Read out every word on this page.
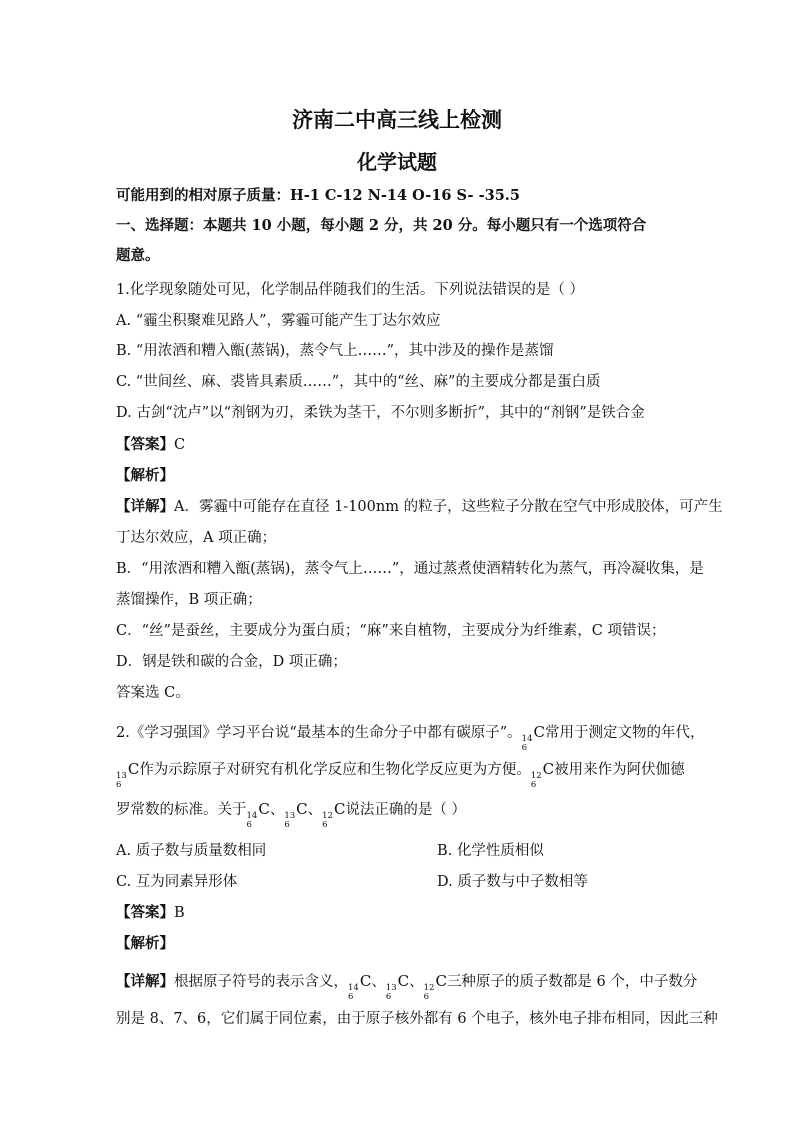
济南二中高三线上检测
化学试题
可能用到的相对原子质量：H-1 C-12 N-14 O-16 S- -35.5
一、选择题：本题共 10 小题，每小题 2 分，共 20 分。每小题只有一个选项符合
题意。
1.化学现象随处可见，化学制品伴随我们的生活。下列说法错误的是（ ）
A. “霾尘积聚难见路人”，雾霾可能产生丁达尔效应
B. “用浓酒和糟入甑(蒸锅)，蒸令气上……”，其中涉及的操作是蒸馏
C. “世间丝、麻、裘皆具素质……”，其中的“丝、麻”的主要成分都是蛋白质
D. 古剑“沈卢”以“剂钢为刃，柔铁为茎干，不尔则多断折”，其中的“剂钢”是铁合金
【答案】C
【解析】
【详解】A．雾霾中可能存在直径 1-100nm 的粒子，这些粒子分散在空气中形成胶体，可产生
丁达尔效应，A 项正确；
B．“用浓酒和糟入甑(蒸锅)，蒸令气上……”，通过蒸煮使酒精转化为蒸气，再冷凝收集，是
蒸馏操作，B 项正确；
C．“丝”是蚕丝，主要成分为蛋白质；“麻”来自植物，主要成分为纤维素，C 项错误；
D．钢是铁和碳的合金，D 项正确；
答案选 C。
2.《学习强国》学习平台说“最基本的生命分子中都有碳原子”。 14
6
C 常用于测定文物的年代，
13
6
C 作为示踪原子对研究有机化学反应和生物化学反应更为方便。 12
6
C 被用来作为阿伏伽德
罗常数的标准。关于 14
6
C 、 13
6
C 、 12
6
C 说法正确的是（ ）
A. 质子数与质量数相同	B. 化学性质相似
C. 互为同素异形体	D. 质子数与中子数相等
【答案】B
【解析】
【详解】根据原子符号的表示含义， 14
6
C 、 13
6
C 、 12
6
C 三种原子的质子数都是 6 个，中子数分
别是 8、7、6，它们属于同位素，由于原子核外都有 6 个电子，核外电子排布相同，因此三种
